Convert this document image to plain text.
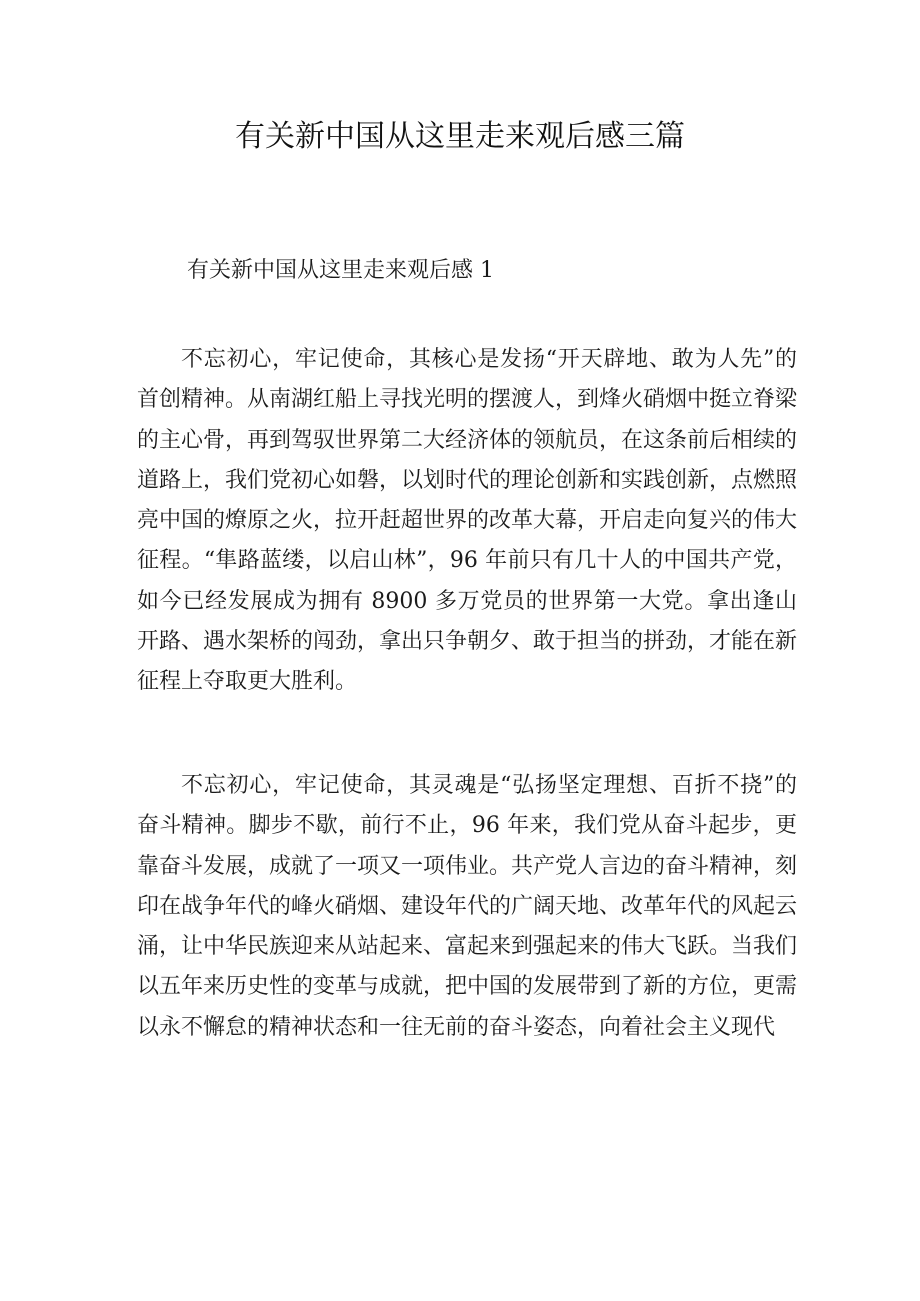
有关新中国从这里走来观后感三篇

有关新中国从这里走来观后感 1

不忘初心，牢记使命，其核心是发扬“开天辟地、敢为人先”的首创精神。从南湖红船上寻找光明的摆渡人，到烽火硝烟中挺立脊梁的主心骨，再到驾驭世界第二大经济体的领航员，在这条前后相续的道路上，我们党初心如磐，以划时代的理论创新和实践创新，点燃照亮中国的燎原之火，拉开赶超世界的改革大幕，开启走向复兴的伟大征程。“隼路蓝缕，以启山林”，96 年前只有几十人的中国共产党，如今已经发展成为拥有 8900 多万党员的世界第一大党。拿出逢山开路、遇水架桥的闯劲，拿出只争朝夕、敢于担当的拼劲，才能在新征程上夺取更大胜利。

不忘初心，牢记使命，其灵魂是“弘扬坚定理想、百折不挠”的奋斗精神。脚步不歇，前行不止，96 年来，我们党从奋斗起步，更靠奋斗发展，成就了一项又一项伟业。共产党人言边的奋斗精神，刻印在战争年代的峰火硝烟、建设年代的广阔天地、改革年代的风起云涌，让中华民族迎来从站起来、富起来到强起来的伟大飞跃。当我们以五年来历史性的变革与成就，把中国的发展带到了新的方位，更需以永不懈怠的精神状态和一往无前的奋斗姿态，向着社会主义现代
